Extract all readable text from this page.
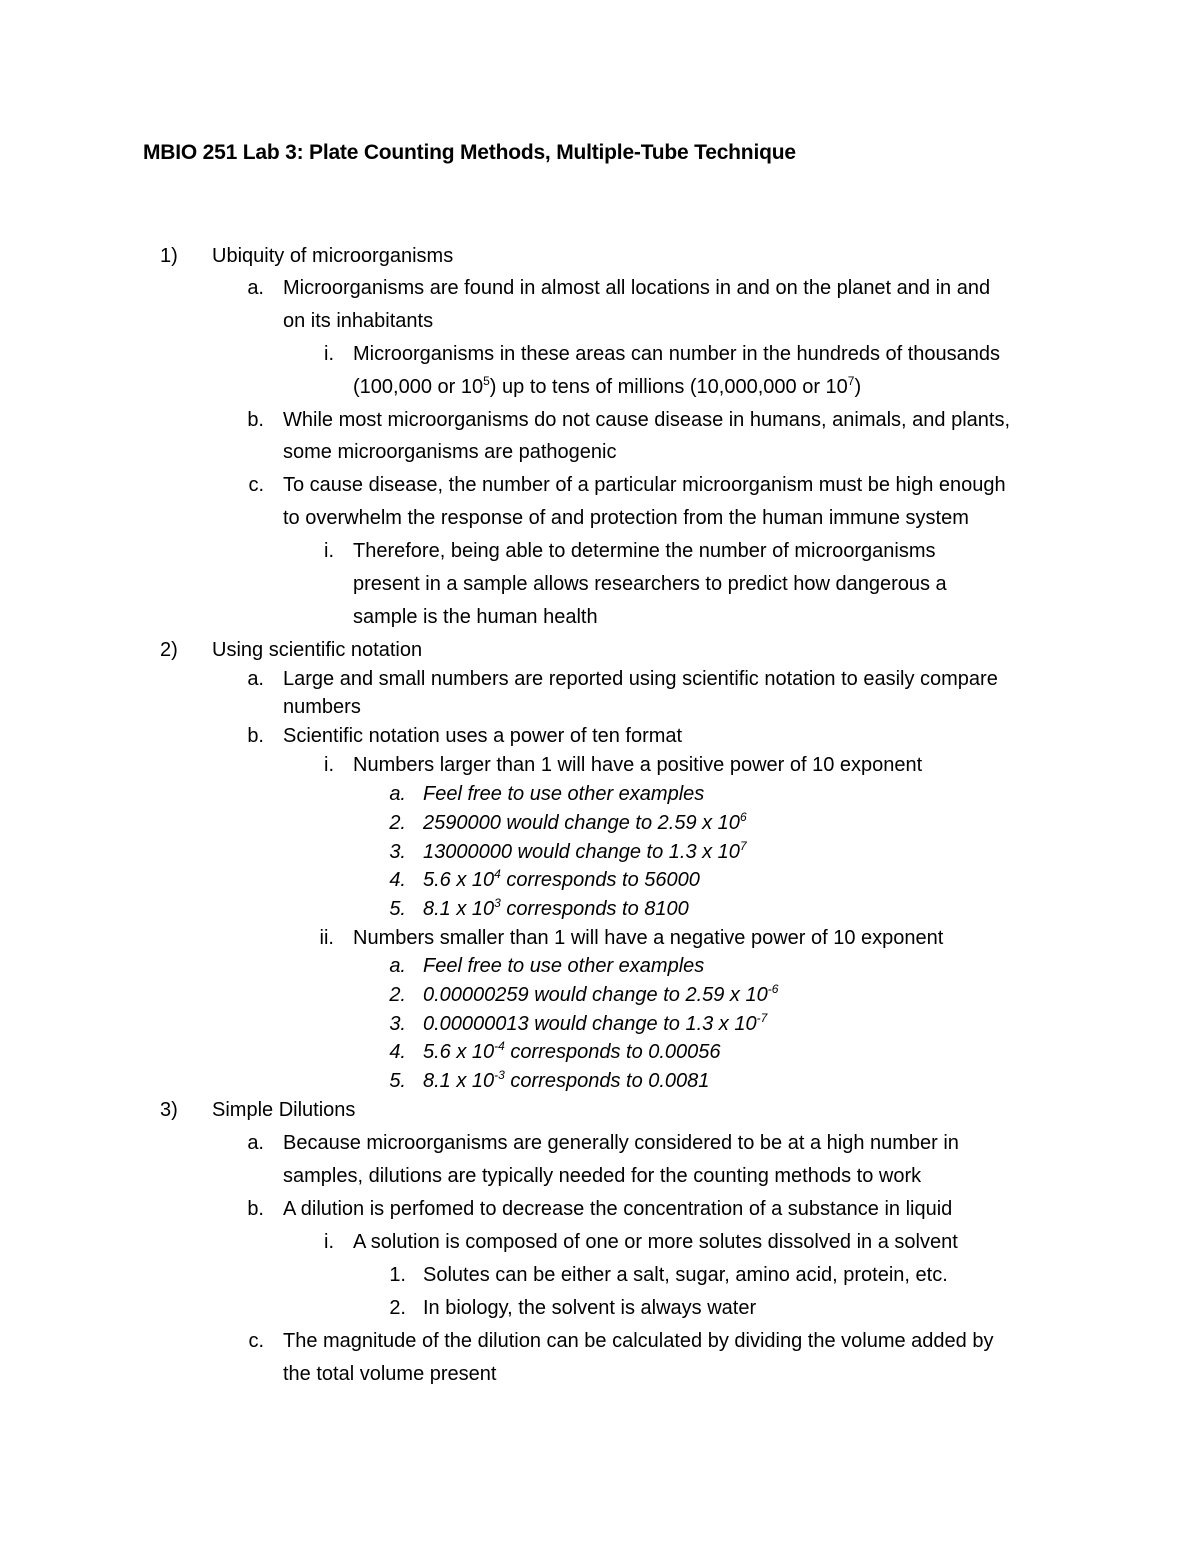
MBIO 251 Lab 3: Plate Counting Methods, Multiple-Tube Technique
1)	Ubiquity of microorganisms
a. Microorganisms are found in almost all locations in and on the planet and in and
on its inhabitants
i. Microorganisms in these areas can number in the hundreds of thousands
(100,000 or $10^5$) up to tens of millions (10,000,000 or $10^7$)
b. While most microorganisms do not cause disease in humans, animals, and plants,
some microorganisms are pathogenic
c. To cause disease, the number of a particular microorganism must be high enough
to overwhelm the response of and protection from the human immune system
i. Therefore, being able to determine the number of microorganisms
present in a sample allows researchers to predict how dangerous a
sample is the human health
2)	Using scientific notation
a. Large and small numbers are reported using scientific notation to easily compare
numbers
b. Scientific notation uses a power of ten format
i. Numbers larger than 1 will have a positive power of 10 exponent
a. Feel free to use other examples
2. 2590000 would change to 2.59 x $10^6$
3. 13000000 would change to 1.3 x $10^7$
4. 5.6 x $10^4$ corresponds to 56000
5. 8.1 x $10^3$ corresponds to 8100
ii. Numbers smaller than 1 will have a negative power of 10 exponent
a. Feel free to use other examples
2. 0.00000259 would change to 2.59 x $10^{-6}$
3. 0.00000013 would change to 1.3 x $10^{-7}$
4. 5.6 x $10^{-4}$ corresponds to 0.00056
5. 8.1 x $10^{-3}$ corresponds to 0.0081
3)	Simple Dilutions
a. Because microorganisms are generally considered to be at a high number in
samples, dilutions are typically needed for the counting methods to work
b. A dilution is perfomed to decrease the concentration of a substance in liquid
i. A solution is composed of one or more solutes dissolved in a solvent
1. Solutes can be either a salt, sugar, amino acid, protein, etc.
2. In biology, the solvent is always water
c. The magnitude of the dilution can be calculated by dividing the volume added by
the total volume present
